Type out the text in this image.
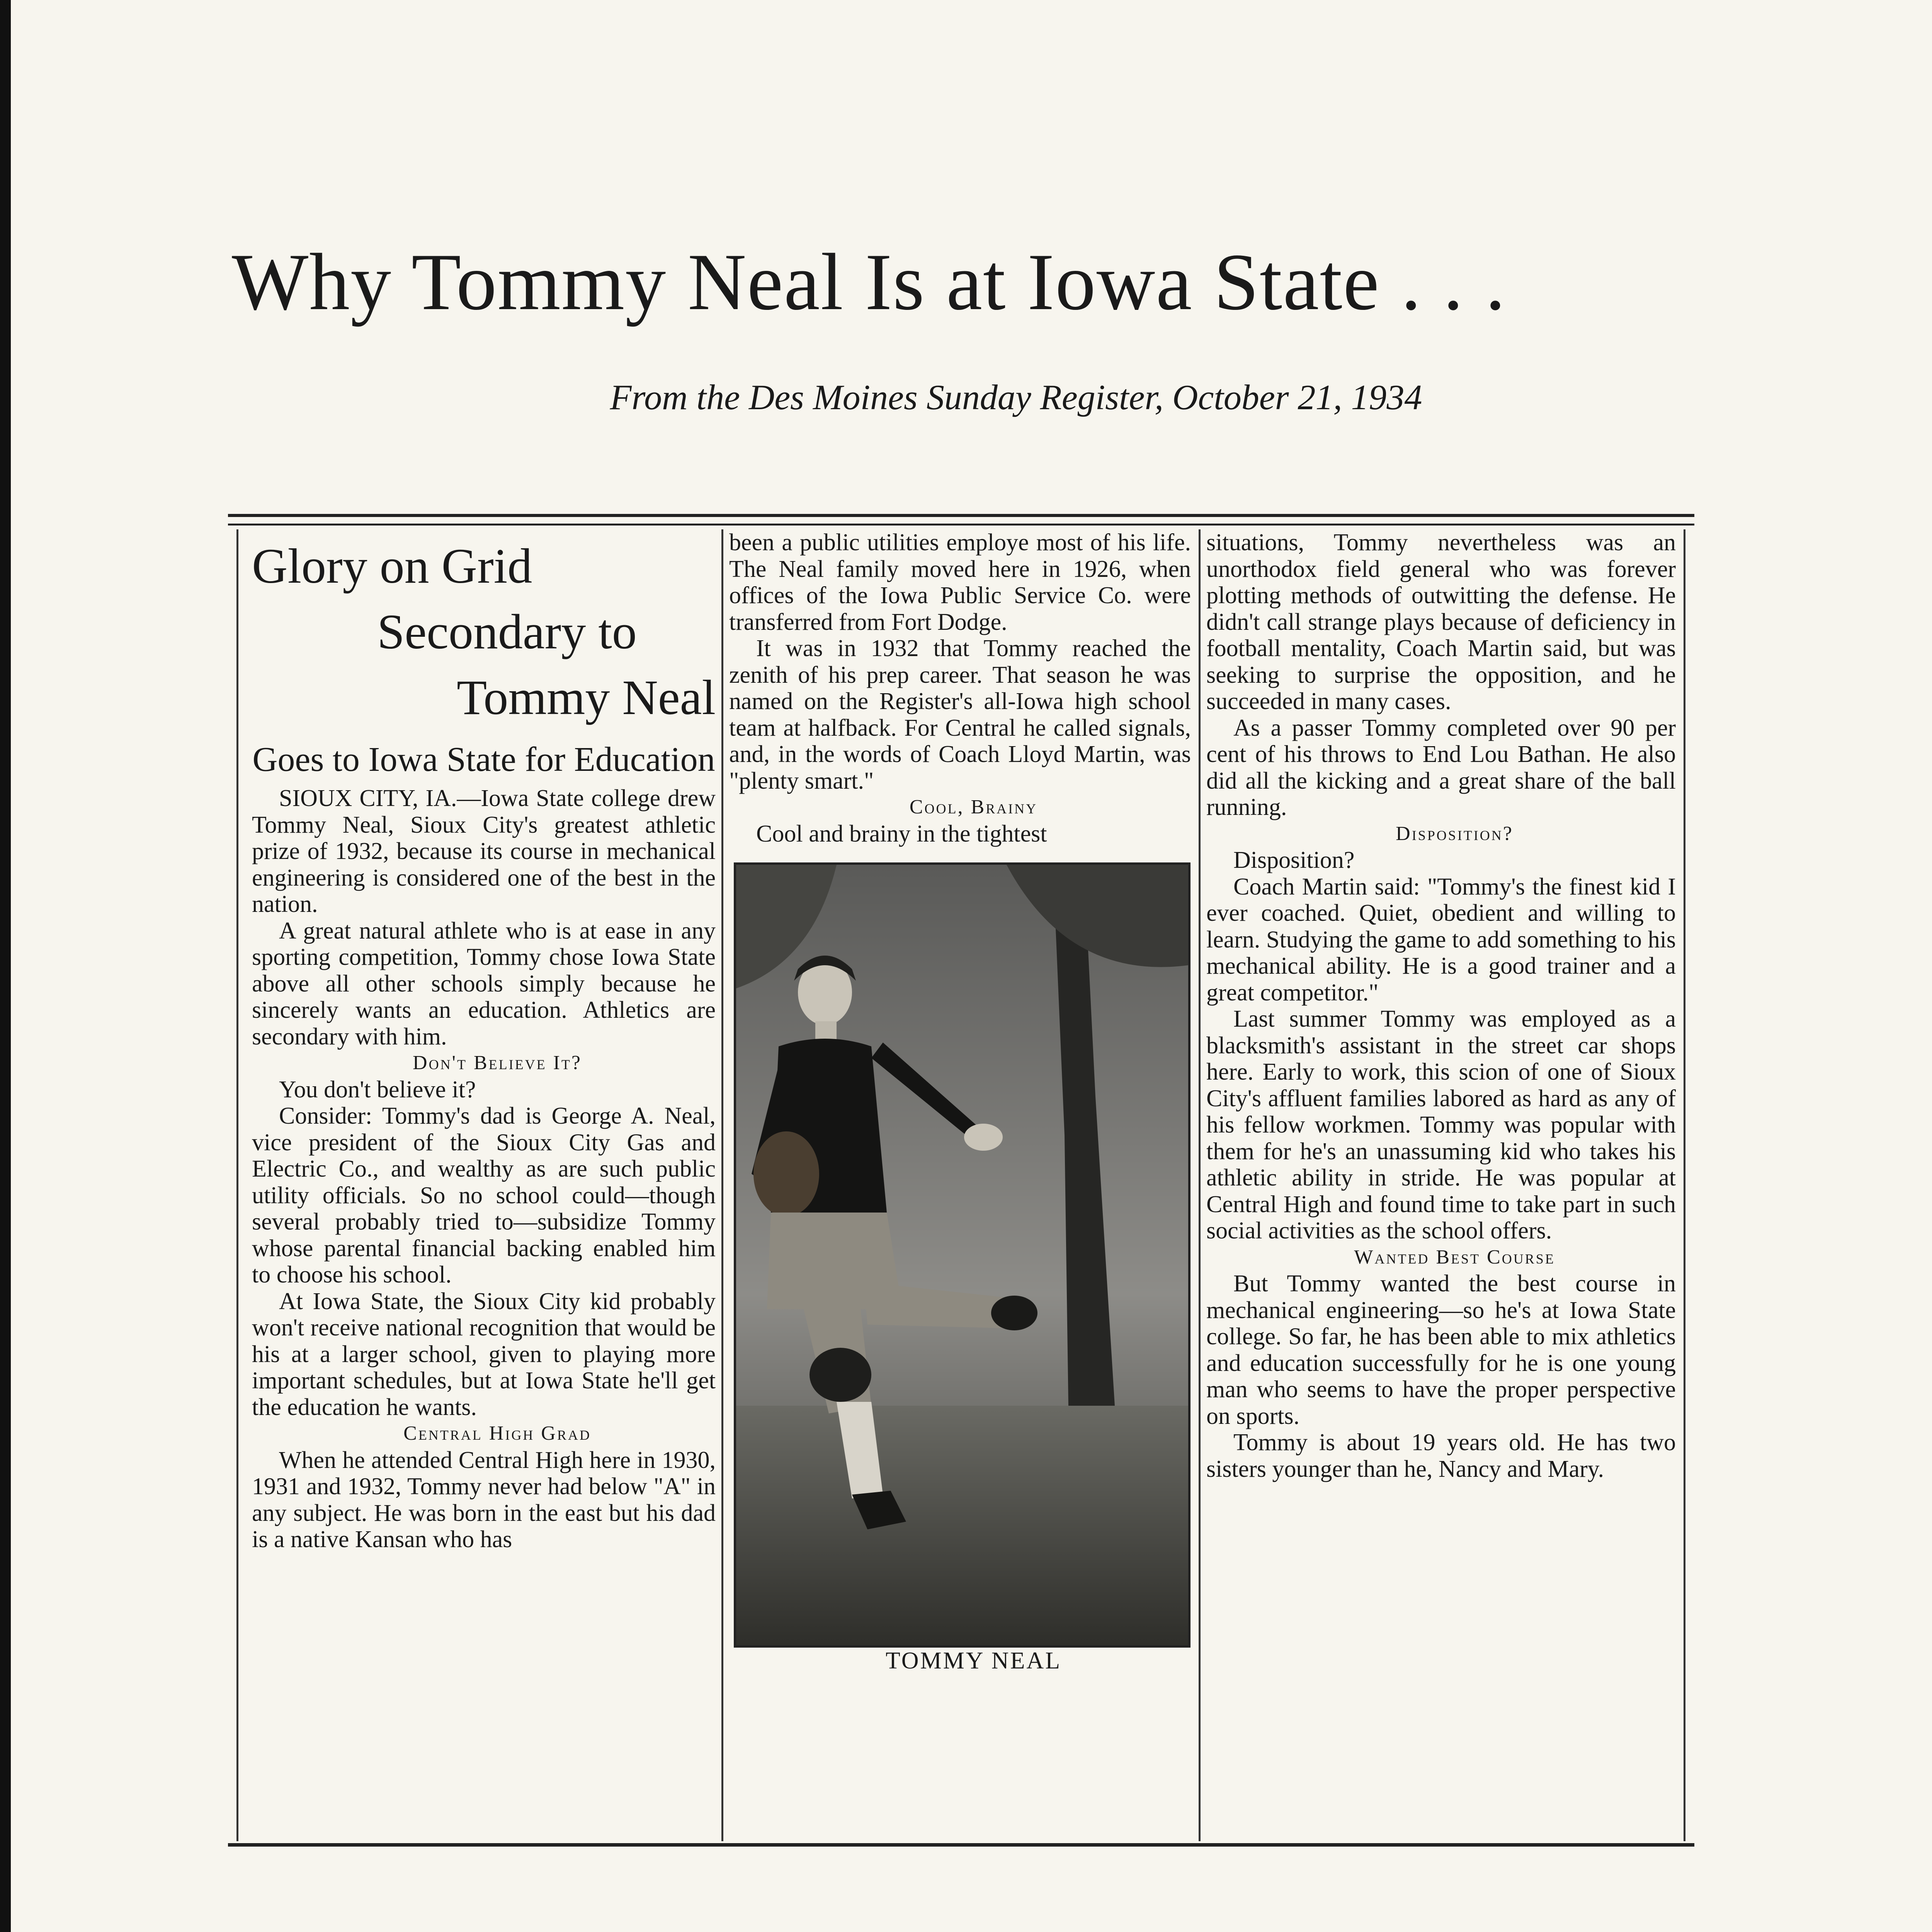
Why Tommy Neal Is at Iowa State . . .
From the Des Moines Sunday Register, October 21, 1934
Glory on Grid
Secondary to
Tommy Neal
Goes to Iowa State for Education

SIOUX CITY, IA.—Iowa State college drew Tommy Neal, Sioux City's greatest athletic prize of 1932, because its course in mechanical engineering is considered one of the best in the nation.

A great natural athlete who is at ease in any sporting competition, Tommy chose Iowa State above all other schools simply because he sincerely wants an education. Athletics are secondary with him.

Don't Believe It?

You don't believe it?

Consider: Tommy's dad is George A. Neal, vice president of the Sioux City Gas and Electric Co., and wealthy as are such public utility officials. So no school could—though several probably tried to—subsidize Tommy whose parental financial backing enabled him to choose his school.

At Iowa State, the Sioux City kid probably won't receive national recognition that would be his at a larger school, given to playing more important schedules, but at Iowa State he'll get the education he wants.

Central High Grad

When he attended Central High here in 1930, 1931 and 1932, Tommy never had below "A" in any subject. He was born in the east but his dad is a native Kansan who has

been a public utilities employe most of his life. The Neal family moved here in 1926, when offices of the Iowa Public Service Co. were transferred from Fort Dodge.

It was in 1932 that Tommy reached the zenith of his prep career. That season he was named on the Register's all-Iowa high school team at halfback. For Central he called signals, and, in the words of Coach Lloyd Martin, was "plenty smart."

Cool, Brainy

Cool and brainy in the tightest

TOMMY NEAL

situations, Tommy nevertheless was an unorthodox field general who was forever plotting methods of outwitting the defense. He didn't call strange plays because of deficiency in football mentality, Coach Martin said, but was seeking to surprise the opposition, and he succeeded in many cases.

As a passer Tommy completed over 90 per cent of his throws to End Lou Bathan. He also did all the kicking and a great share of the ball running.

Disposition?

Disposition?

Coach Martin said: "Tommy's the finest kid I ever coached. Quiet, obedient and willing to learn. Studying the game to add something to his mechanical ability. He is a good trainer and a great competitor."

Last summer Tommy was employed as a blacksmith's assistant in the street car shops here. Early to work, this scion of one of Sioux City's affluent families labored as hard as any of his fellow workmen. Tommy was popular with them for he's an unassuming kid who takes his athletic ability in stride. He was popular at Central High and found time to take part in such social activities as the school offers.

Wanted Best Course

But Tommy wanted the best course in mechanical engineering—so he's at Iowa State college. So far, he has been able to mix athletics and education successfully for he is one young man who seems to have the proper perspective on sports.

Tommy is about 19 years old. He has two sisters younger than he, Nancy and Mary.
